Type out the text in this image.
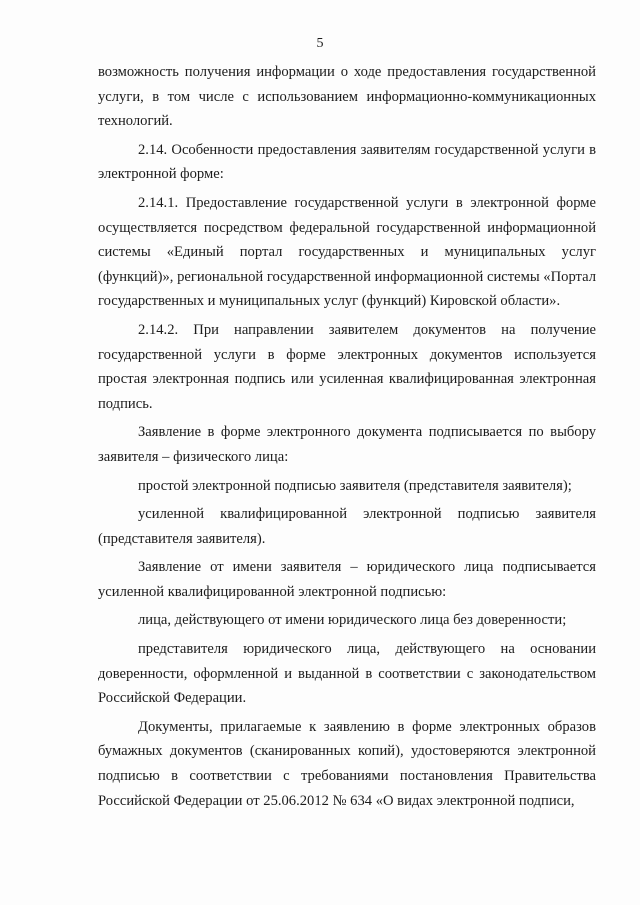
5

возможность получения информации о ходе предоставления государственной услуги, в том числе с использованием информационно-коммуникационных технологий.

2.14. Особенности предоставления заявителям государственной услуги в электронной форме:

2.14.1. Предоставление государственной услуги в электронной форме осуществляется посредством федеральной государственной информационной системы «Единый портал государственных и муниципальных услуг (функций)», региональной государственной информационной системы «Портал государственных и муниципальных услуг (функций) Кировской области».

2.14.2. При направлении заявителем документов на получение государственной услуги в форме электронных документов используется простая электронная подпись или усиленная квалифицированная электронная подпись.

Заявление в форме электронного документа подписывается по выбору заявителя – физического лица:

простой электронной подписью заявителя (представителя заявителя);

усиленной квалифицированной электронной подписью заявителя (представителя заявителя).

Заявление от имени заявителя – юридического лица подписывается усиленной квалифицированной электронной подписью:

лица, действующего от имени юридического лица без доверенности;

представителя юридического лица, действующего на основании доверенности, оформленной и выданной в соответствии с законодательством Российской Федерации.

Документы, прилагаемые к заявлению в форме электронных образов бумажных документов (сканированных копий), удостоверяются электронной подписью в соответствии с требованиями постановления Правительства Российской Федерации от 25.06.2012 № 634 «О видах электронной подписи,
